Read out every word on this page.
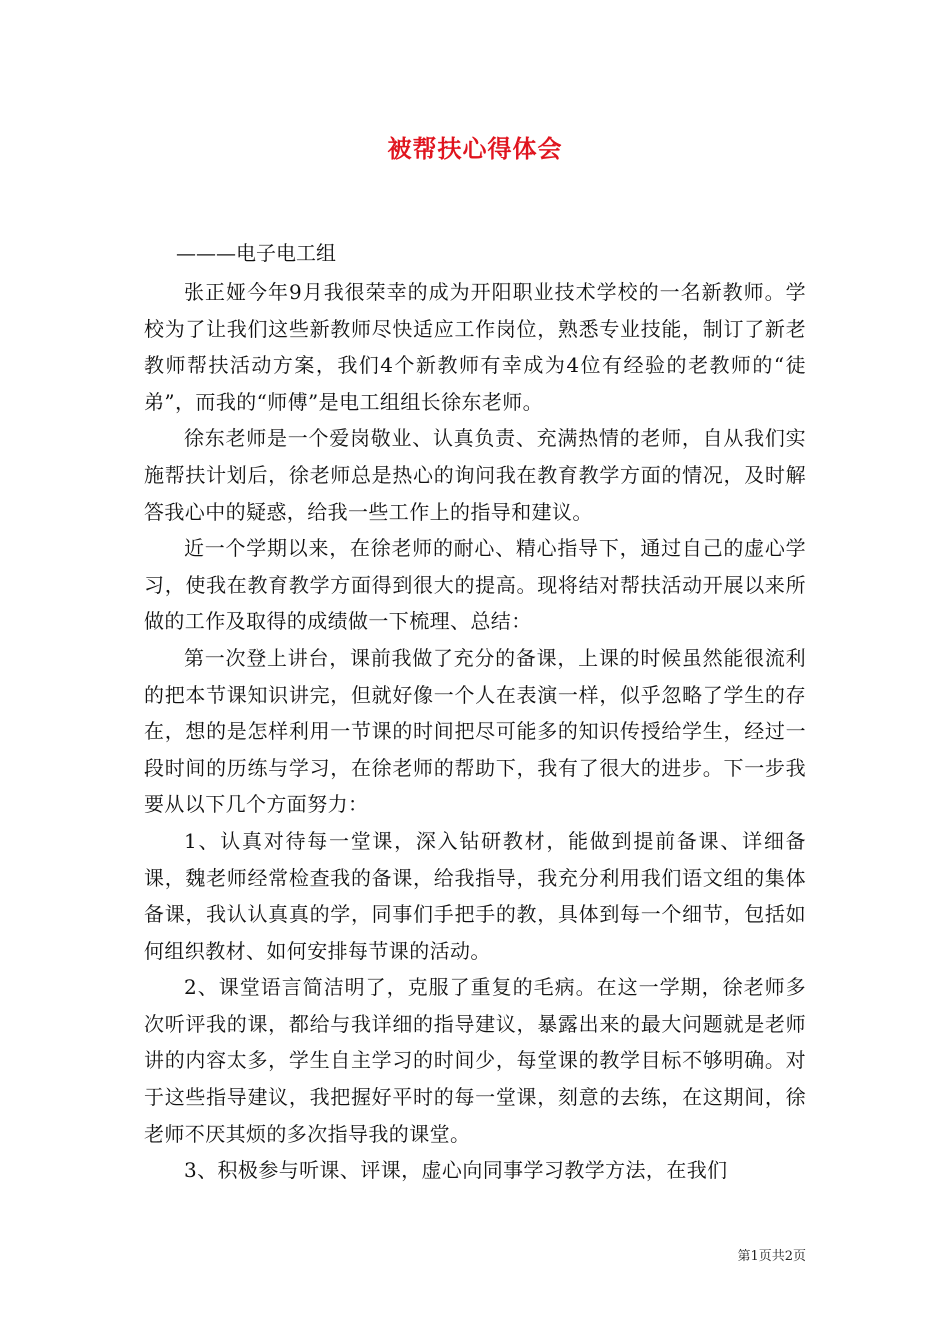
被帮扶心得体会

———电子电工组

张正娅今年9月我很荣幸的成为开阳职业技术学校的一名新教师。学校为了让我们这些新教师尽快适应工作岗位，熟悉专业技能，制订了新老教师帮扶活动方案，我们4个新教师有幸成为4位有经验的老教师的“徒弟”，而我的“师傅”是电工组组长徐东老师。

徐东老师是一个爱岗敬业、认真负责、充满热情的老师，自从我们实施帮扶计划后，徐老师总是热心的询问我在教育教学方面的情况，及时解答我心中的疑惑，给我一些工作上的指导和建议。

近一个学期以来，在徐老师的耐心、精心指导下，通过自己的虚心学习，使我在教育教学方面得到很大的提高。现将结对帮扶活动开展以来所做的工作及取得的成绩做一下梳理、总结：

第一次登上讲台，课前我做了充分的备课，上课的时候虽然能很流利的把本节课知识讲完，但就好像一个人在表演一样，似乎忽略了学生的存在，想的是怎样利用一节课的时间把尽可能多的知识传授给学生，经过一段时间的历练与学习，在徐老师的帮助下，我有了很大的进步。下一步我要从以下几个方面努力：

1、认真对待每一堂课，深入钻研教材，能做到提前备课、详细备课，魏老师经常检查我的备课，给我指导，我充分利用我们语文组的集体备课，我认认真真的学，同事们手把手的教，具体到每一个细节，包括如何组织教材、如何安排每节课的活动。

2、课堂语言简洁明了，克服了重复的毛病。在这一学期，徐老师多次听评我的课，都给与我详细的指导建议，暴露出来的最大问题就是老师讲的内容太多，学生自主学习的时间少，每堂课的教学目标不够明确。对于这些指导建议，我把握好平时的每一堂课，刻意的去练，在这期间，徐老师不厌其烦的多次指导我的课堂。

3、积极参与听课、评课，虚心向同事学习教学方法，在我们

第1页共2页
